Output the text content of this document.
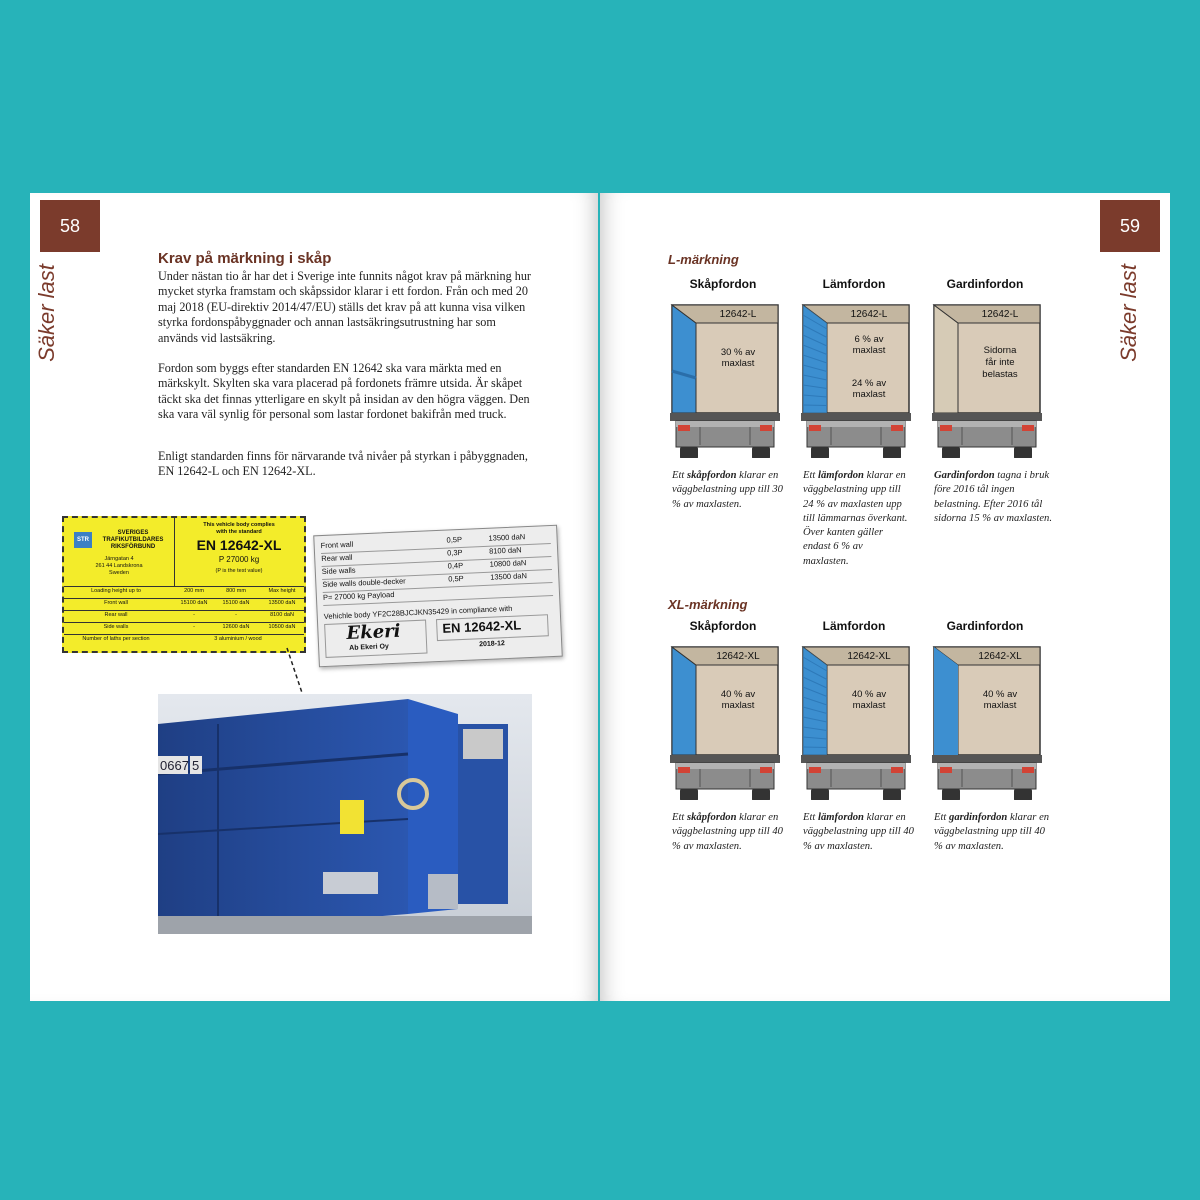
58	59
Säker last	Säker last
Krav på märkning i skåp
Under nästan tio år har det i Sverige inte funnits något krav på märkning hur mycket styrka framstam och skåpssidor klarar i ett fordon. Från och med 20 maj 2018 (EU-direktiv 2014/47/EU) ställs det krav på att kunna visa vilken styrka fordonspåbyggnader och annan lastsäkringsutrustning har som används vid lastsäkring.
Fordon som byggs efter standarden EN 12642 ska vara märkta med en märkskylt. Skylten ska vara placerad på fordonets främre utsida. Är skåpet täckt ska det finnas ytterligare en skylt på insidan av den högra väggen. Den ska vara väl synlig för personal som lastar fordonet bakifrån med truck.
Enligt standarden finns för närvarande två nivåer på styrkan i påbyggnaden, EN 12642-L och EN 12642-XL.
STR
SVERIGES
TRAFIKUTBILDARES
RIKSFÖRBUND
Järngatan 4
261 44 Landskrona
Sweden
This vehicle body complies
with the standard
EN 12642-XL
P 27000 kg
(P is the test value)
Loading height up to	200 mm	800 mm	Max height
Front wall	15100 daN	15100 daN	13500 daN
Rear wall	-	-	8100 daN
Side walls	-	12600 daN	10500 daN
Number of laths per section	3 aluminium / wood
Front wall	0,5P	13500 daN
Rear wall	0,3P	8100 daN
Side walls	0,4P	10800 daN
Side walls double-decker	0,5P	13500 daN
P= 27000 kg Payload
Vehichle body YF2C28BJCJKN35429 in compliance with
Ekeri
Ab Ekeri Oy
EN 12642-XL
2018-12
0667 5
L-märkning
XL-märkning
Skåpfordon
12642-L
30 % av
maxlast
Ett skåpfordon klarar en väggbelastning upp till 30 % av maxlasten.
Lämfordon
12642-L
6 % av
maxlast
24 % av
maxlast
Ett lämfordon klarar en väggbelastning upp till 24 % av maxlasten upp till lämmarnas överkant. Över kanten gäller endast 6 % av maxlasten.
Gardinfordon
12642-L
Sidorna
får inte
belastas
Gardinfordon tagna i bruk före 2016 tål ingen belastning. Efter 2016 tål sidorna 15 % av maxlasten.
Skåpfordon
12642-XL
40 % av
maxlast
Ett skåpfordon klarar en väggbelastning upp till 40 % av maxlasten.
Lämfordon
12642-XL
40 % av
maxlast
Ett lämfordon klarar en väggbelastning upp till 40 % av maxlasten.
Gardinfordon
12642-XL
40 % av
maxlast
Ett gardinfordon klarar en väggbelastning upp till 40 % av maxlasten.
